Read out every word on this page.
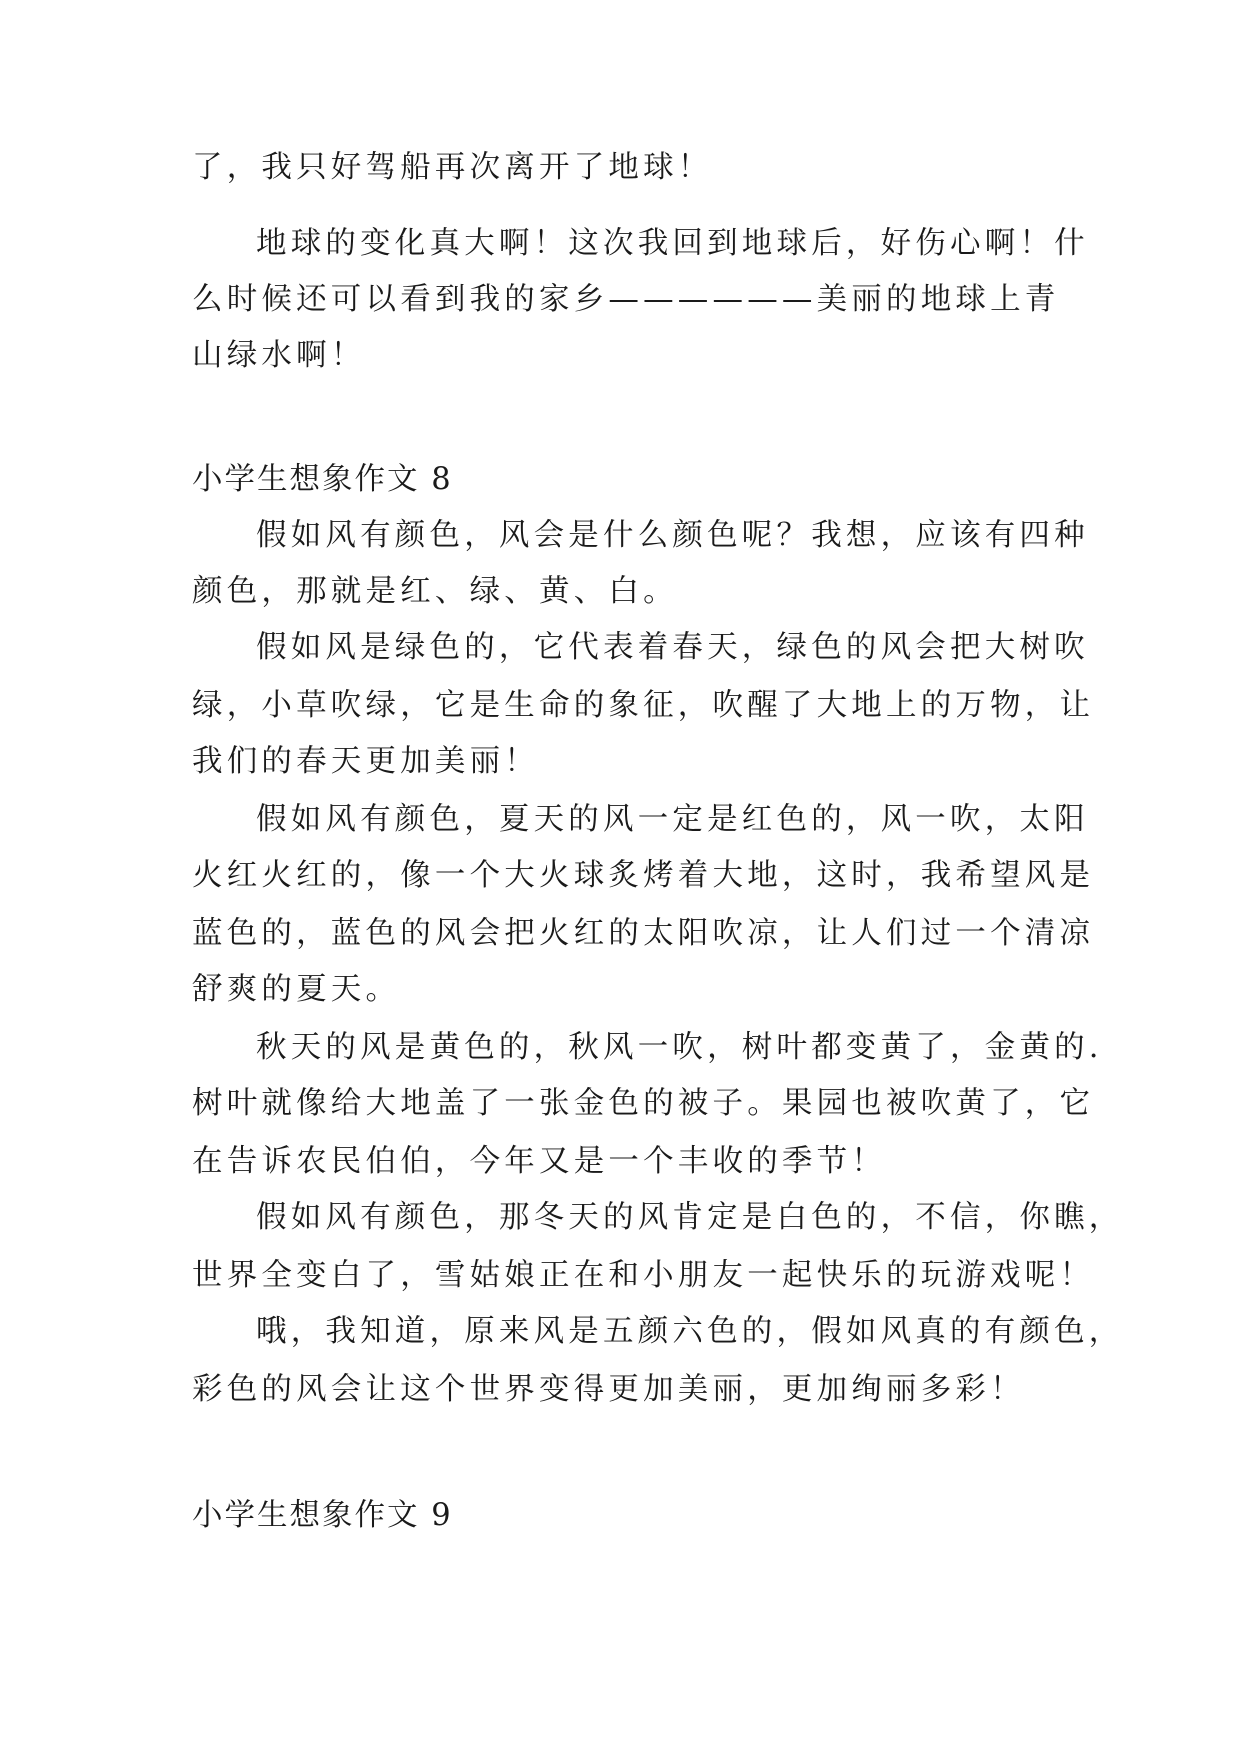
了，我只好驾船再次离开了地球！
地球的变化真大啊！这次我回到地球后，好伤心啊！什
么时候还可以看到我的家乡——————美丽的地球上青
山绿水啊！
小学生想象作文 8
假如风有颜色，风会是什么颜色呢？我想，应该有四种
颜色，那就是红、绿、黄、白。
假如风是绿色的，它代表着春天，绿色的风会把大树吹
绿，小草吹绿，它是生命的象征，吹醒了大地上的万物，让
我们的春天更加美丽！
假如风有颜色，夏天的风一定是红色的，风一吹，太阳
火红火红的，像一个大火球炙烤着大地，这时，我希望风是
蓝色的，蓝色的风会把火红的太阳吹凉，让人们过一个清凉
舒爽的夏天。
秋天的风是黄色的，秋风一吹，树叶都变黄了，金黄的.
树叶就像给大地盖了一张金色的被子。果园也被吹黄了，它
在告诉农民伯伯，今年又是一个丰收的季节！
假如风有颜色，那冬天的风肯定是白色的，不信，你瞧，
世界全变白了，雪姑娘正在和小朋友一起快乐的玩游戏呢！
哦，我知道，原来风是五颜六色的，假如风真的有颜色，
彩色的风会让这个世界变得更加美丽，更加绚丽多彩！
小学生想象作文 9
